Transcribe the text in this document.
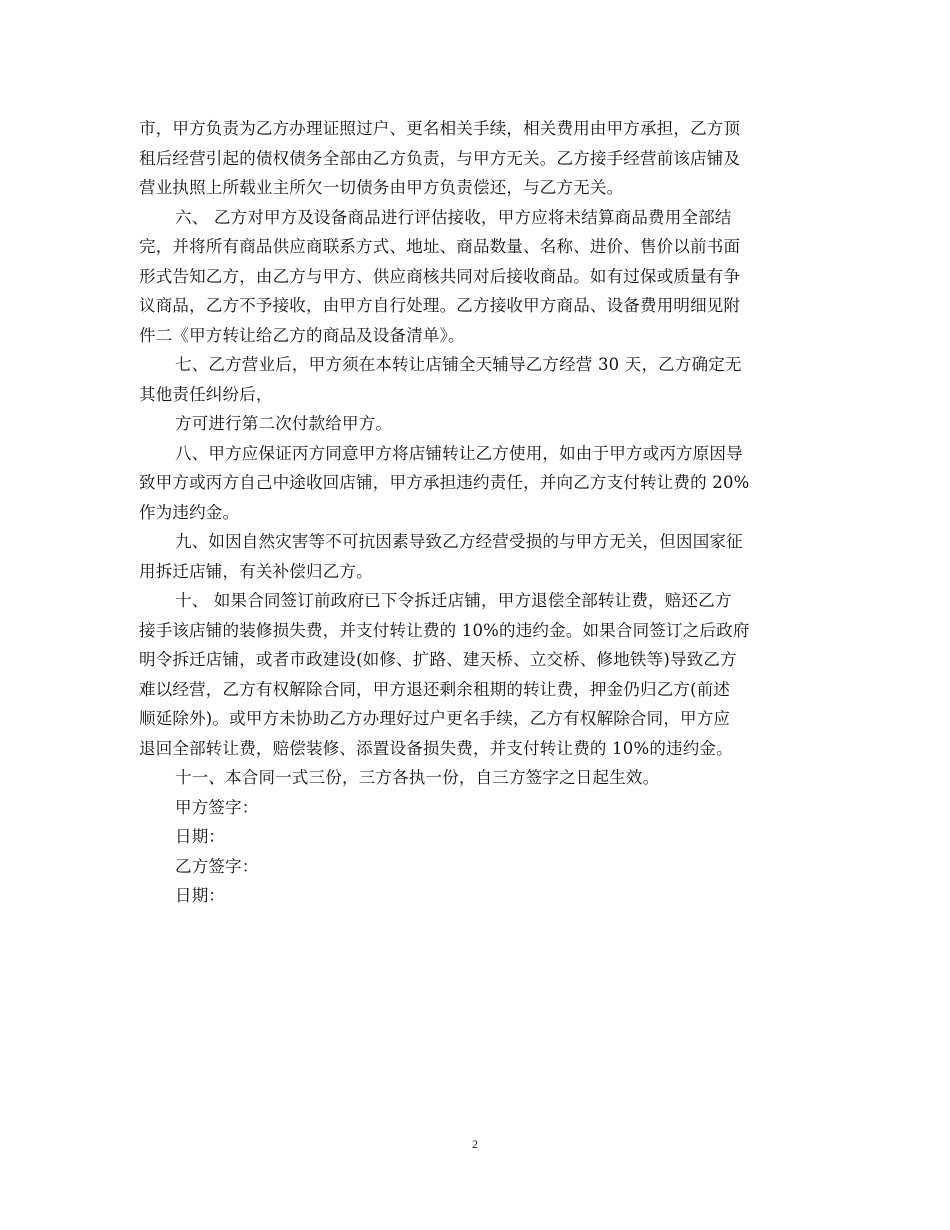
市，甲方负责为乙方办理证照过户、更名相关手续，相关费用由甲方承担，乙方顶
租后经营引起的债权债务全部由乙方负责，与甲方无关。乙方接手经营前该店铺及
营业执照上所载业主所欠一切债务由甲方负责偿还，与乙方无关。
六、 乙方对甲方及设备商品进行评估接收，甲方应将未结算商品费用全部结
完，并将所有商品供应商联系方式、地址、商品数量、名称、进价、售价以前书面
形式告知乙方，由乙方与甲方、供应商核共同对后接收商品。如有过保或质量有争
议商品，乙方不予接收，由甲方自行处理。乙方接收甲方商品、设备费用明细见附
件二《甲方转让给乙方的商品及设备清单》。
七、乙方营业后，甲方须在本转让店铺全天辅导乙方经营 30 天，乙方确定无
其他责任纠纷后，
方可进行第二次付款给甲方。
八、甲方应保证丙方同意甲方将店铺转让乙方使用，如由于甲方或丙方原因导
致甲方或丙方自己中途收回店铺，甲方承担违约责任，并向乙方支付转让费的 20%
作为违约金。
九、如因自然灾害等不可抗因素导致乙方经营受损的与甲方无关，但因国家征
用拆迁店铺，有关补偿归乙方。
十、 如果合同签订前政府已下令拆迁店铺，甲方退偿全部转让费，赔还乙方
接手该店铺的装修损失费，并支付转让费的 10%的违约金。如果合同签订之后政府
明令拆迁店铺，或者市政建设(如修、扩路、建天桥、立交桥、修地铁等)导致乙方
难以经营，乙方有权解除合同，甲方退还剩余租期的转让费，押金仍归乙方(前述
顺延除外)。或甲方未协助乙方办理好过户更名手续，乙方有权解除合同，甲方应
退回全部转让费，赔偿装修、添置设备损失费，并支付转让费的 10%的违约金。
十一、本合同一式三份，三方各执一份，自三方签字之日起生效。
甲方签字：
日期：
乙方签字：
日期：
2
